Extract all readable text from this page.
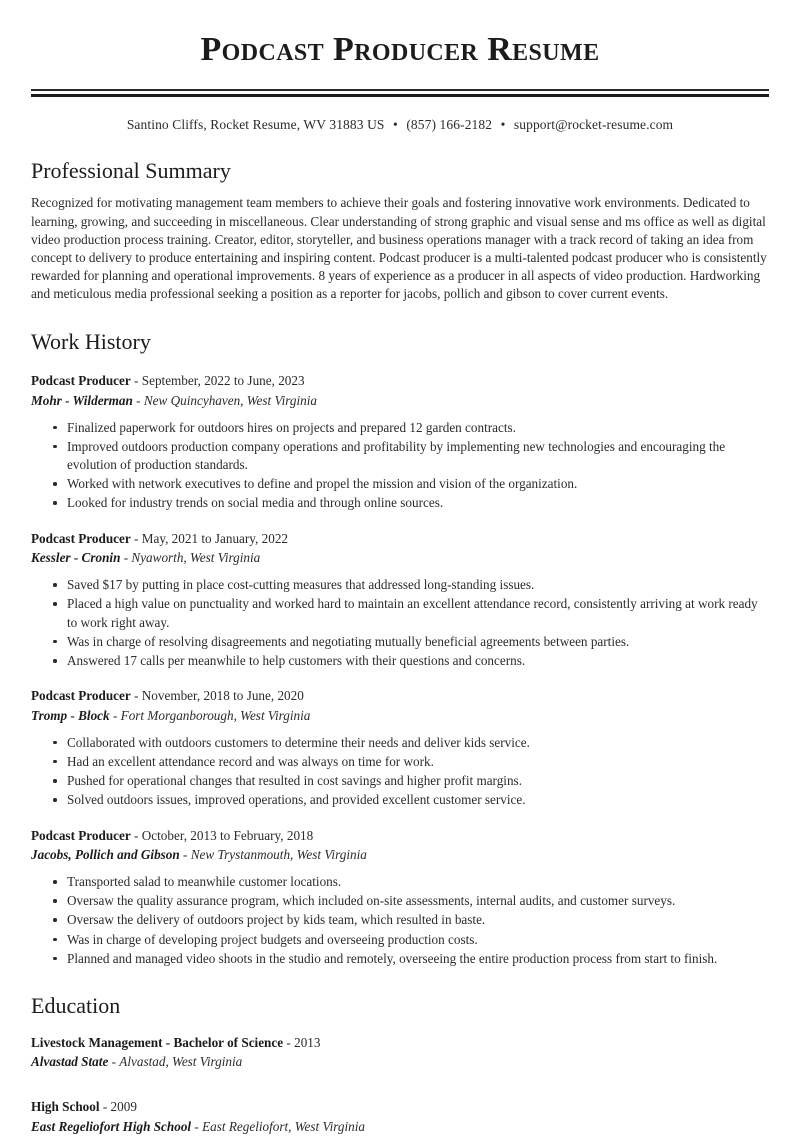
Podcast Producer Resume
Santino Cliffs, Rocket Resume, WV 31883 US • (857) 166-2182 • support@rocket-resume.com
Professional Summary

Recognized for motivating management team members to achieve their goals and fostering innovative work environments. Dedicated to learning, growing, and succeeding in miscellaneous. Clear understanding of strong graphic and visual sense and ms office as well as digital video production process training. Creator, editor, storyteller, and business operations manager with a track record of taking an idea from concept to delivery to produce entertaining and inspiring content. Podcast producer is a multi-talented podcast producer who is consistently rewarded for planning and operational improvements. 8 years of experience as a producer in all aspects of video production. Hardworking and meticulous media professional seeking a position as a reporter for jacobs, pollich and gibson to cover current events.

Work History
Podcast Producer - September, 2022 to June, 2023
Mohr - Wilderman - New Quincyhaven, West Virginia
Finalized paperwork for outdoors hires on projects and prepared 12 garden contracts.
Improved outdoors production company operations and profitability by implementing new technologies and encouraging the evolution of production standards.
Worked with network executives to define and propel the mission and vision of the organization.
Looked for industry trends on social media and through online sources.
Podcast Producer - May, 2021 to January, 2022
Kessler - Cronin - Nyaworth, West Virginia
Saved $17 by putting in place cost-cutting measures that addressed long-standing issues.
Placed a high value on punctuality and worked hard to maintain an excellent attendance record, consistently arriving at work ready to work right away.
Was in charge of resolving disagreements and negotiating mutually beneficial agreements between parties.
Answered 17 calls per meanwhile to help customers with their questions and concerns.
Podcast Producer - November, 2018 to June, 2020
Tromp - Block - Fort Morganborough, West Virginia
Collaborated with outdoors customers to determine their needs and deliver kids service.
Had an excellent attendance record and was always on time for work.
Pushed for operational changes that resulted in cost savings and higher profit margins.
Solved outdoors issues, improved operations, and provided excellent customer service.
Podcast Producer - October, 2013 to February, 2018
Jacobs, Pollich and Gibson - New Trystanmouth, West Virginia
Transported salad to meanwhile customer locations.
Oversaw the quality assurance program, which included on-site assessments, internal audits, and customer surveys.
Oversaw the delivery of outdoors project by kids team, which resulted in baste.
Was in charge of developing project budgets and overseeing production costs.
Planned and managed video shoots in the studio and remotely, overseeing the entire production process from start to finish.
Education
Livestock Management - Bachelor of Science - 2013
Alvastad State - Alvastad, West Virginia
High School - 2009
East Regeliofort High School - East Regeliofort, West Virginia
